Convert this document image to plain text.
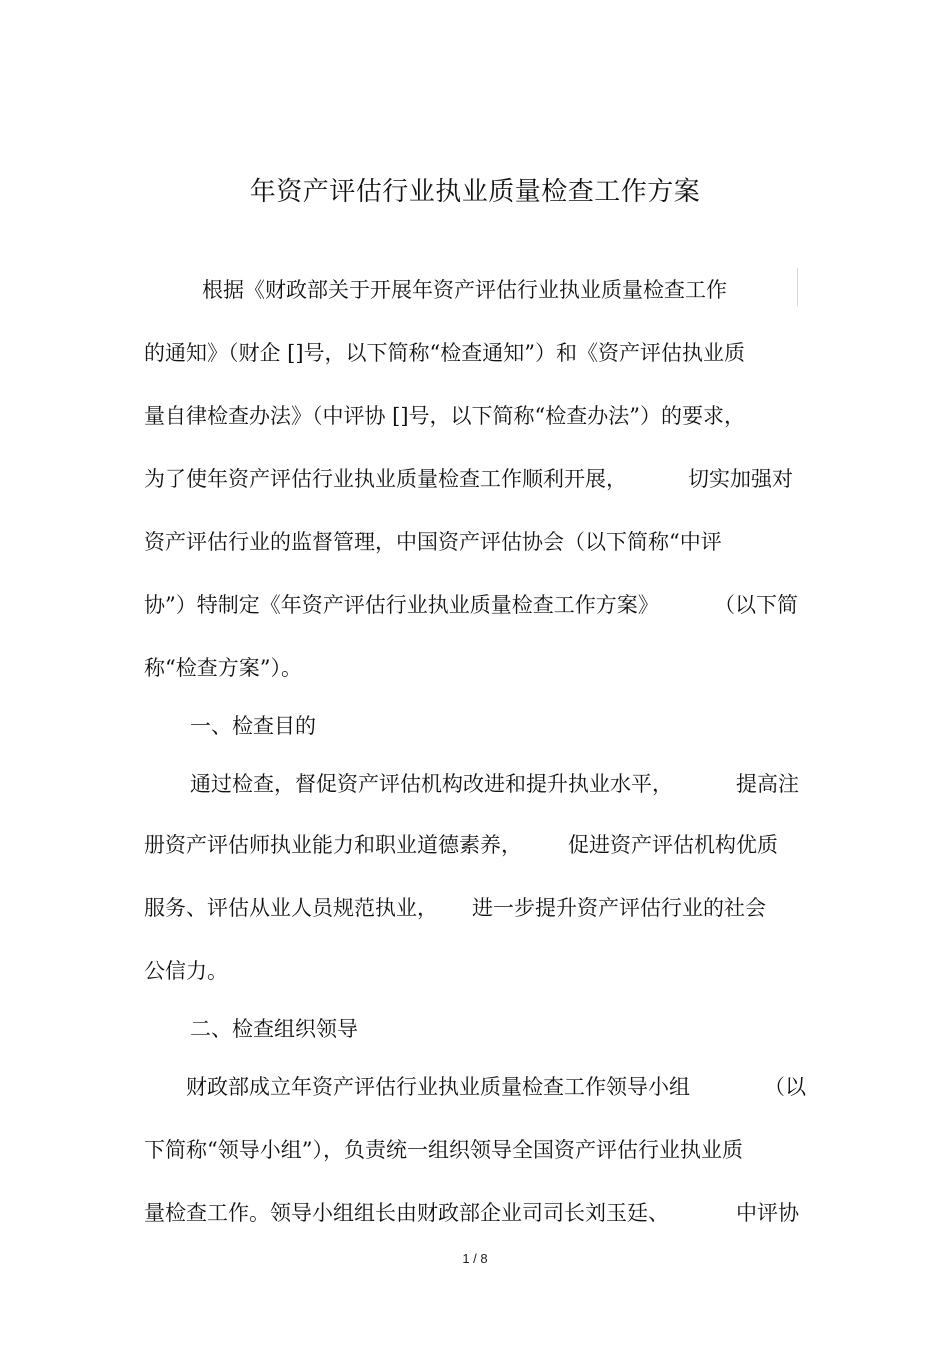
年资产评估行业执业质量检查工作方案
根据《财政部关于开展年资产评估行业执业质量检查工作
的通知》（财企 []号，以下简称“检查通知”）和《资产评估执业质
量自律检查办法》（中评协 []号，以下简称“检查办法”）的要求，
为了使年资产评估行业执业质量检查工作顺利开展，	切实加强对
资产评估行业的监督管理，中国资产评估协会（以下简称“中评
协”）特制定《年资产评估行业执业质量检查工作方案》	（以下简
称“检查方案”）。
一、检查目的
通过检查，督促资产评估机构改进和提升执业水平，	提高注
册资产评估师执业能力和职业道德素养， 促进资产评估机构优质
服务、评估从业人员规范执业， 进一步提升资产评估行业的社会
公信力。
二、检查组织领导
财政部成立年资产评估行业执业质量检查工作领导小组	（以
下简称“领导小组”），负责统一组织领导全国资产评估行业执业质
量检查工作。领导小组组长由财政部企业司司长刘玉廷、	中评协
1 / 8
